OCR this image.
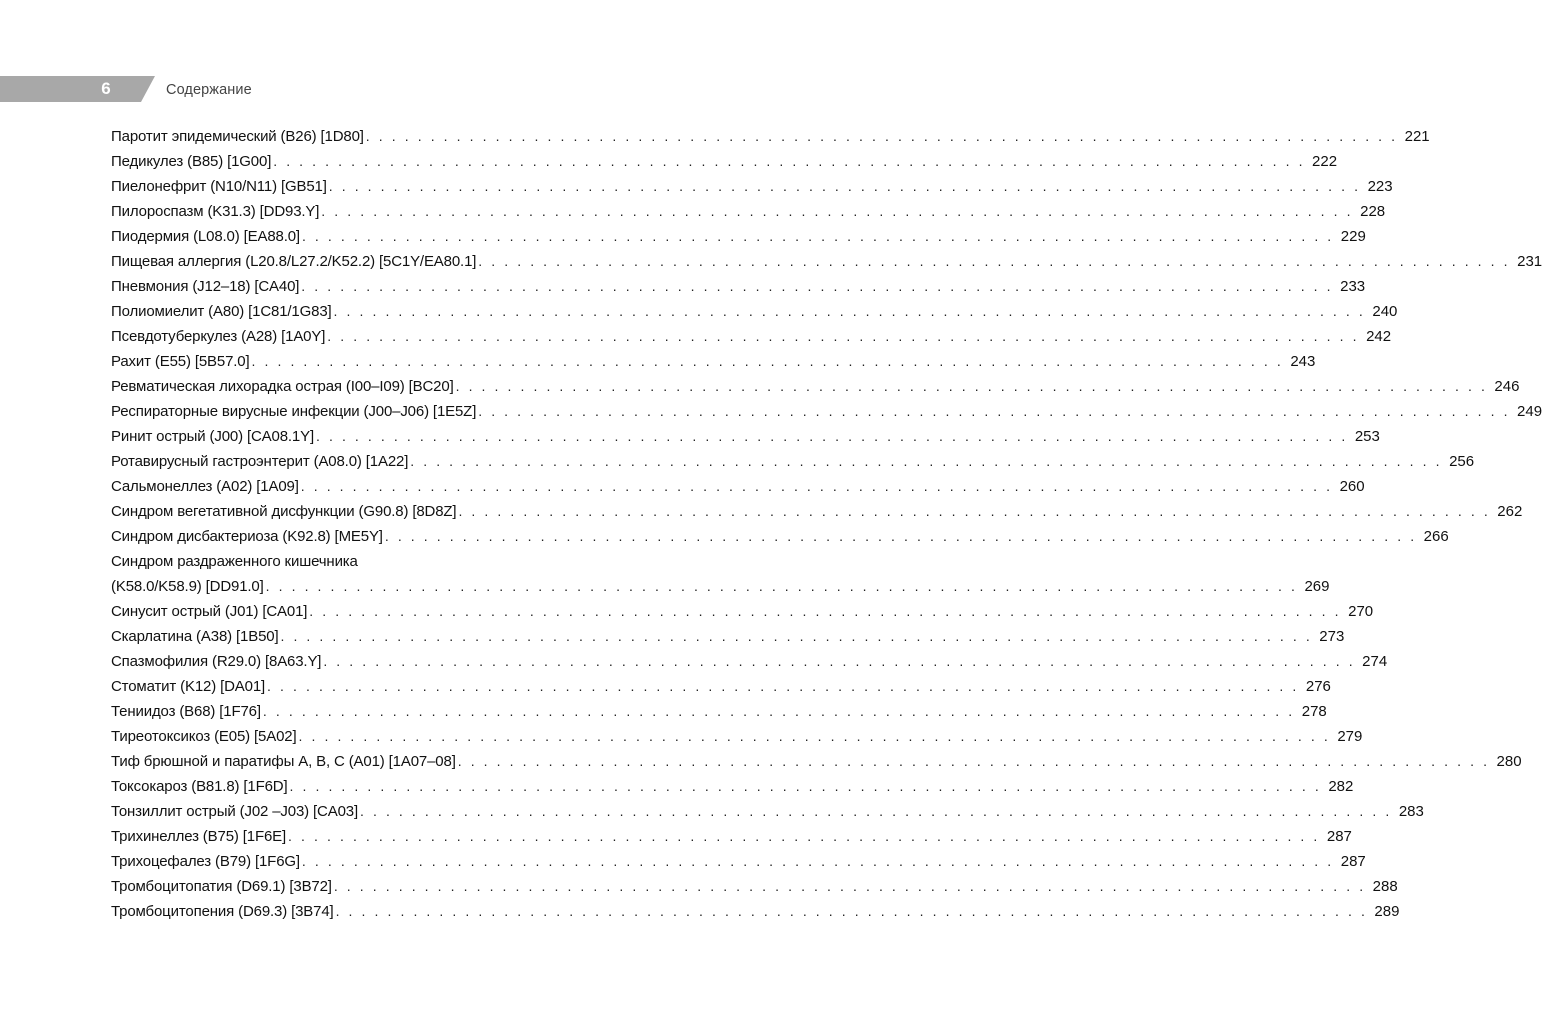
6	Содержание
Паротит эпидемический (B26) [1D80] . . . . . . . . . . . . . . . . . . . . . . . . . . . . . . . . . . . . . . . . . . . . . . . . . . . . . . . . . . . . . . . . . . . . . . . . . . . . . . . . 221
Педикулез (B85) [1G00] . . . . . . . . . . . . . . . . . . . . . . . . . . . . . . . . . . . . . . . . . . . . . . . . . . . . . . . . . . . . . . . . . . . . . . . . . . . . . . . . 222
Пиелонефрит (N10/N11) [GB51] . . . . . . . . . . . . . . . . . . . . . . . . . . . . . . . . . . . . . . . . . . . . . . . . . . . . . . . . . . . . . . . . . . . . . . . . . . . . . . . . 223
Пилороспазм (K31.3) [DD93.Y] . . . . . . . . . . . . . . . . . . . . . . . . . . . . . . . . . . . . . . . . . . . . . . . . . . . . . . . . . . . . . . . . . . . . . . . . . . . . . . . . 228
Пиодермия (L08.0) [EA88.0] . . . . . . . . . . . . . . . . . . . . . . . . . . . . . . . . . . . . . . . . . . . . . . . . . . . . . . . . . . . . . . . . . . . . . . . . . . . . . . . . 229
Пищевая аллергия (L20.8/L27.2/K52.2) [5C1Y/EA80.1] . . . . . . . . . . . . . . . . . . . . . . . . . . . . . . . . . . . . . . . . . . . . . . . . . . . . . . . . . . . . . . . . . . . . . . . . . . . . . . . . 231
Пневмония (J12–18) [CA40] . . . . . . . . . . . . . . . . . . . . . . . . . . . . . . . . . . . . . . . . . . . . . . . . . . . . . . . . . . . . . . . . . . . . . . . . . . . . . . . . 233
Полиомиелит (A80) [1C81/1G83] . . . . . . . . . . . . . . . . . . . . . . . . . . . . . . . . . . . . . . . . . . . . . . . . . . . . . . . . . . . . . . . . . . . . . . . . . . . . . . . . 240
Псевдотуберкулез (A28) [1A0Y] . . . . . . . . . . . . . . . . . . . . . . . . . . . . . . . . . . . . . . . . . . . . . . . . . . . . . . . . . . . . . . . . . . . . . . . . . . . . . . . . 242
Рахит (E55) [5B57.0] . . . . . . . . . . . . . . . . . . . . . . . . . . . . . . . . . . . . . . . . . . . . . . . . . . . . . . . . . . . . . . . . . . . . . . . . . . . . . . . . 243
Ревматическая лихорадка острая (I00–I09) [BC20] . . . . . . . . . . . . . . . . . . . . . . . . . . . . . . . . . . . . . . . . . . . . . . . . . . . . . . . . . . . . . . . . . . . . . . . . . . . . . . . . 246
Респираторные вирусные инфекции (J00–J06) [1E5Z] . . . . . . . . . . . . . . . . . . . . . . . . . . . . . . . . . . . . . . . . . . . . . . . . . . . . . . . . . . . . . . . . . . . . . . . . . . . . . . . . 249
Ринит острый (J00) [CA08.1Y] . . . . . . . . . . . . . . . . . . . . . . . . . . . . . . . . . . . . . . . . . . . . . . . . . . . . . . . . . . . . . . . . . . . . . . . . . . . . . . . . 253
Ротавирусный гастроэнтерит (A08.0) [1A22] . . . . . . . . . . . . . . . . . . . . . . . . . . . . . . . . . . . . . . . . . . . . . . . . . . . . . . . . . . . . . . . . . . . . . . . . . . . . . . . . 256
Сальмонеллез (A02) [1A09] . . . . . . . . . . . . . . . . . . . . . . . . . . . . . . . . . . . . . . . . . . . . . . . . . . . . . . . . . . . . . . . . . . . . . . . . . . . . . . . . 260
Синдром вегетативной дисфункции (G90.8) [8D8Z] . . . . . . . . . . . . . . . . . . . . . . . . . . . . . . . . . . . . . . . . . . . . . . . . . . . . . . . . . . . . . . . . . . . . . . . . . . . . . . . . 262
Синдром дисбактериоза (K92.8) [ME5Y] . . . . . . . . . . . . . . . . . . . . . . . . . . . . . . . . . . . . . . . . . . . . . . . . . . . . . . . . . . . . . . . . . . . . . . . . . . . . . . . . 266
Синдром раздраженного кишечника
(K58.0/K58.9) [DD91.0] . . . . . . . . . . . . . . . . . . . . . . . . . . . . . . . . . . . . . . . . . . . . . . . . . . . . . . . . . . . . . . . . . . . . . . . . . . . . . . . . 269
Синусит острый (J01) [CA01] . . . . . . . . . . . . . . . . . . . . . . . . . . . . . . . . . . . . . . . . . . . . . . . . . . . . . . . . . . . . . . . . . . . . . . . . . . . . . . . . 270
Скарлатина (A38) [1B50] . . . . . . . . . . . . . . . . . . . . . . . . . . . . . . . . . . . . . . . . . . . . . . . . . . . . . . . . . . . . . . . . . . . . . . . . . . . . . . . . 273
Спазмофилия (R29.0) [8A63.Y] . . . . . . . . . . . . . . . . . . . . . . . . . . . . . . . . . . . . . . . . . . . . . . . . . . . . . . . . . . . . . . . . . . . . . . . . . . . . . . . . 274
Стоматит (K12) [DA01] . . . . . . . . . . . . . . . . . . . . . . . . . . . . . . . . . . . . . . . . . . . . . . . . . . . . . . . . . . . . . . . . . . . . . . . . . . . . . . . . 276
Тениидоз (B68) [1F76] . . . . . . . . . . . . . . . . . . . . . . . . . . . . . . . . . . . . . . . . . . . . . . . . . . . . . . . . . . . . . . . . . . . . . . . . . . . . . . . . 278
Тиреотоксикоз (E05) [5A02] . . . . . . . . . . . . . . . . . . . . . . . . . . . . . . . . . . . . . . . . . . . . . . . . . . . . . . . . . . . . . . . . . . . . . . . . . . . . . . . . 279
Тиф брюшной и паратифы A, B, C (A01) [1A07–08] . . . . . . . . . . . . . . . . . . . . . . . . . . . . . . . . . . . . . . . . . . . . . . . . . . . . . . . . . . . . . . . . . . . . . . . . . . . . . . . . 280
Токсокароз (B81.8) [1F6D] . . . . . . . . . . . . . . . . . . . . . . . . . . . . . . . . . . . . . . . . . . . . . . . . . . . . . . . . . . . . . . . . . . . . . . . . . . . . . . . . 282
Тонзиллит острый (J02 –J03) [CA03] . . . . . . . . . . . . . . . . . . . . . . . . . . . . . . . . . . . . . . . . . . . . . . . . . . . . . . . . . . . . . . . . . . . . . . . . . . . . . . . . 283
Трихинеллез (B75) [1F6E] . . . . . . . . . . . . . . . . . . . . . . . . . . . . . . . . . . . . . . . . . . . . . . . . . . . . . . . . . . . . . . . . . . . . . . . . . . . . . . . . 287
Трихоцефалез (B79) [1F6G] . . . . . . . . . . . . . . . . . . . . . . . . . . . . . . . . . . . . . . . . . . . . . . . . . . . . . . . . . . . . . . . . . . . . . . . . . . . . . . . . 287
Тромбоцитопатия (D69.1) [3B72] . . . . . . . . . . . . . . . . . . . . . . . . . . . . . . . . . . . . . . . . . . . . . . . . . . . . . . . . . . . . . . . . . . . . . . . . . . . . . . . . 288
Тромбоцитопения (D69.3) [3B74] . . . . . . . . . . . . . . . . . . . . . . . . . . . . . . . . . . . . . . . . . . . . . . . . . . . . . . . . . . . . . . . . . . . . . . . . . . . . . . . . 289
